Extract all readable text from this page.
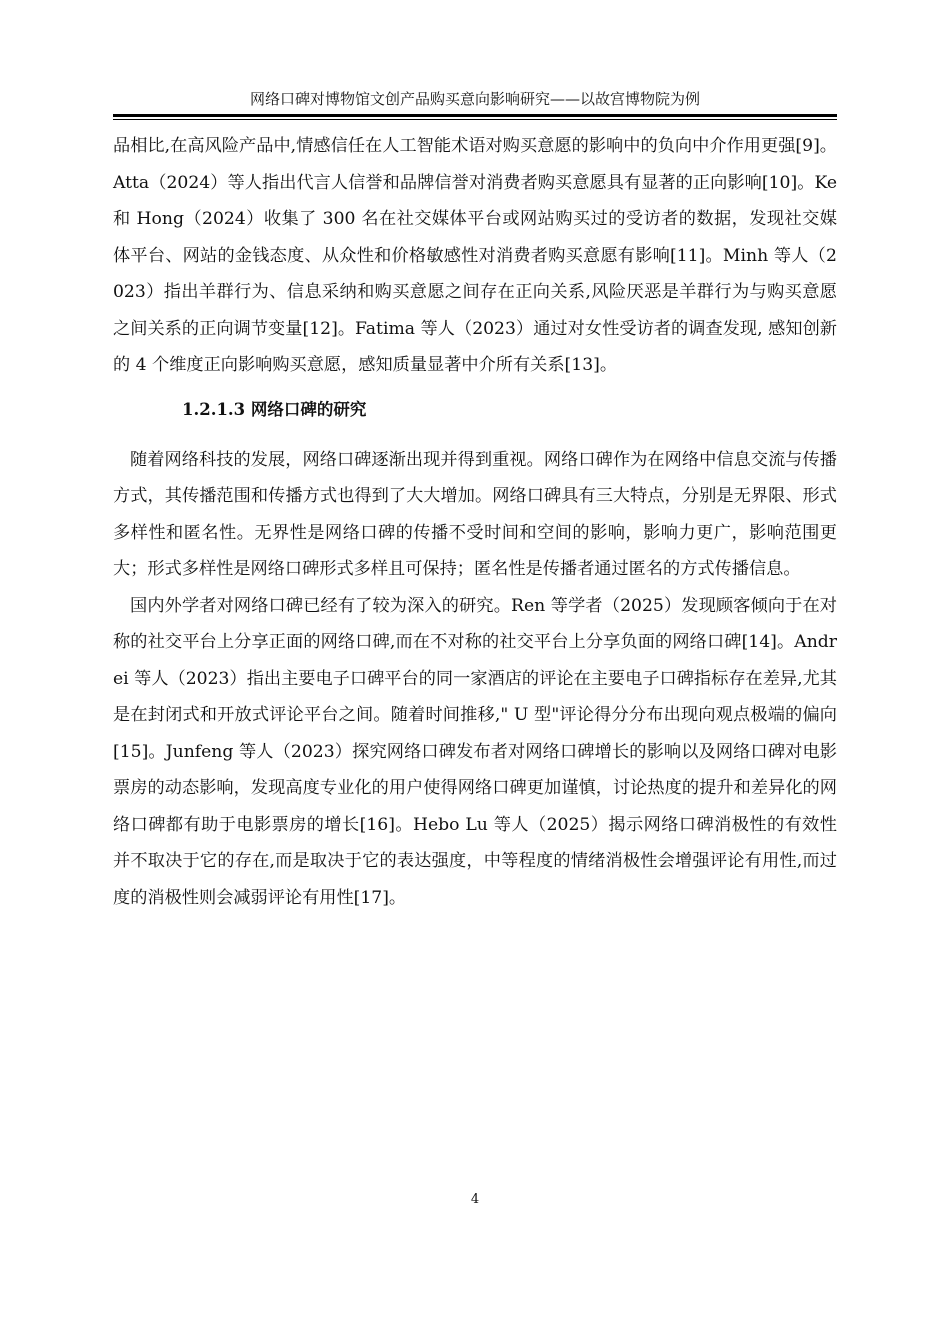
网络口碑对博物馆文创产品购买意向影响研究——以故宫博物院为例

品相比,在高风险产品中,情感信任在人工智能术语对购买意愿的影响中的负向中介作用更强[9]。Atta（2024）等人指出代言人信誉和品牌信誉对消费者购买意愿具有显著的正向影响[10]。Ke 和 Hong（2024）收集了 300 名在社交媒体平台或网站购买过的受访者的数据，发现社交媒体平台、网站的金钱态度、从众性和价格敏感性对消费者购买意愿有影响[11]。Minh 等人（2023）指出羊群行为、信息采纳和购买意愿之间存在正向关系,风险厌恶是羊群行为与购买意愿之间关系的正向调节变量[12]。Fatima 等人（2023）通过对女性受访者的调查发现, 感知创新的 4 个维度正向影响购买意愿，感知质量显著中介所有关系[13]。

1.2.1.3 网络口碑的研究

随着网络科技的发展，网络口碑逐渐出现并得到重视。网络口碑作为在网络中信息交流与传播方式，其传播范围和传播方式也得到了大大增加。网络口碑具有三大特点，分别是无界限、形式多样性和匿名性。无界性是网络口碑的传播不受时间和空间的影响，影响力更广，影响范围更大；形式多样性是网络口碑形式多样且可保持；匿名性是传播者通过匿名的方式传播信息。

国内外学者对网络口碑已经有了较为深入的研究。Ren 等学者（2025）发现顾客倾向于在对称的社交平台上分享正面的网络口碑,而在不对称的社交平台上分享负面的网络口碑[14]。Andrei 等人（2023）指出主要电子口碑平台的同一家酒店的评论在主要电子口碑指标存在差异,尤其是在封闭式和开放式评论平台之间。随着时间推移," U 型"评论得分分布出现向观点极端的偏向[15]。Junfeng 等人（2023）探究网络口碑发布者对网络口碑增长的影响以及网络口碑对电影票房的动态影响，发现高度专业化的用户使得网络口碑更加谨慎，讨论热度的提升和差异化的网络口碑都有助于电影票房的增长[16]。Hebo Lu 等人（2025）揭示网络口碑消极性的有效性并不取决于它的存在,而是取决于它的表达强度，中等程度的情绪消极性会增强评论有用性,而过度的消极性则会减弱评论有用性[17]。

4
